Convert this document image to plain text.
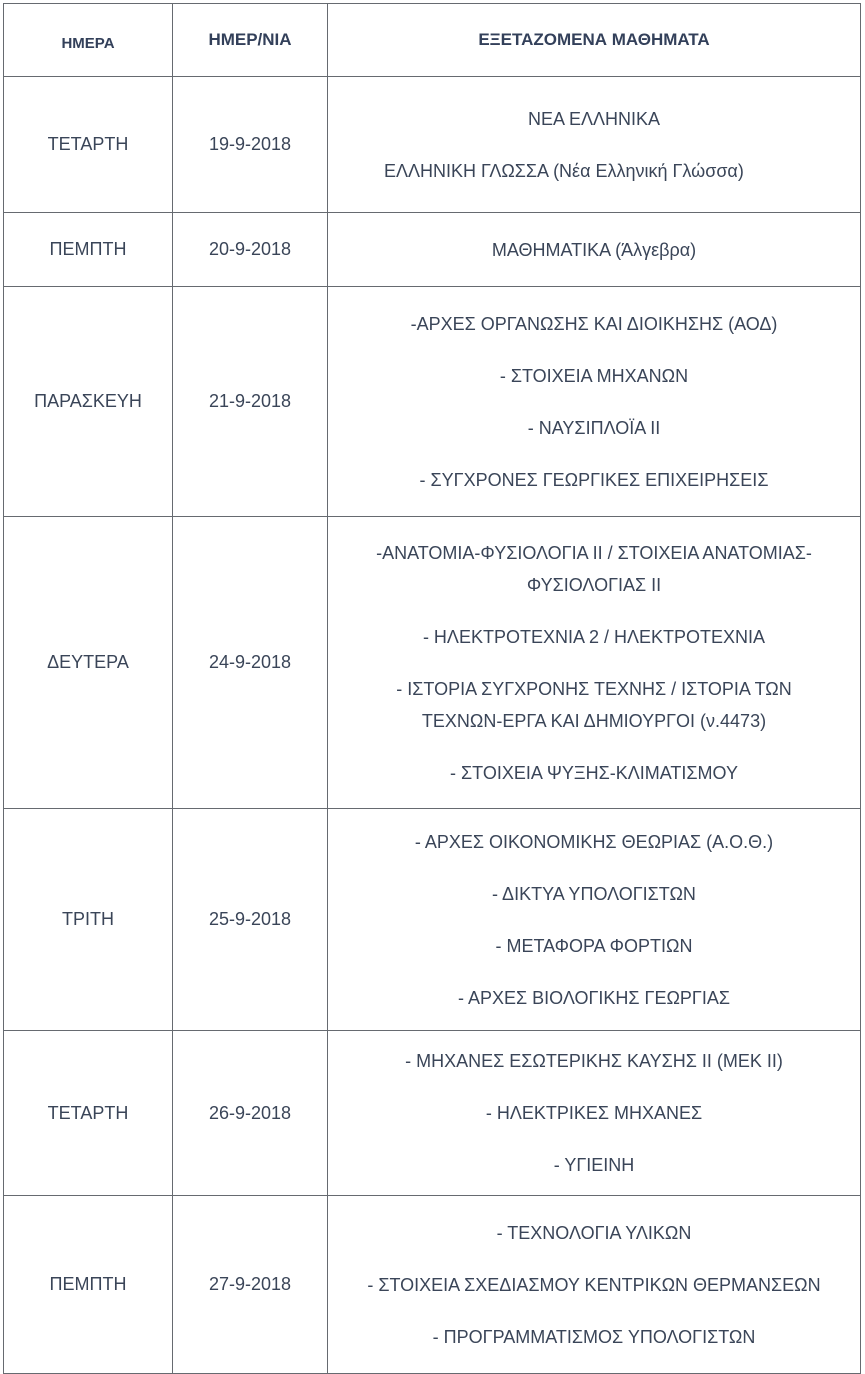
ΗΜΕΡΑ	ΗΜΕΡ/ΝΙΑ	ΕΞΕΤΑΖΟΜΕΝΑ ΜΑΘΗΜΑΤΑ
ΤΕΤΑΡΤΗ	19-9-2018	ΝΕΑ ΕΛΛΗΝΙΚΑ
ΕΛΛΗΝΙΚΗ ΓΛΩΣΣΑ (Νέα Ελληνική Γλώσσα)

ΠΕΜΠΤΗ	20-9-2018	ΜΑΘΗΜΑΤΙΚΑ (Άλγεβρα)

ΠΑΡΑΣΚΕΥΗ	21-9-2018	-ΑΡΧΕΣ ΟΡΓΑΝΩΣΗΣ ΚΑΙ ΔΙΟΙΚΗΣΗΣ (ΑΟΔ)
- ΣΤΟΙΧΕΙΑ ΜΗΧΑΝΩΝ
- ΝΑΥΣΙΠΛΟΪΑ ΙΙ
- ΣΥΓΧΡΟΝΕΣ ΓΕΩΡΓΙΚΕΣ ΕΠΙΧΕΙΡΗΣΕΙΣ

ΔΕΥΤΕΡΑ	24-9-2018	-ΑΝΑΤΟΜΙΑ-ΦΥΣΙΟΛΟΓΙΑ ΙΙ / ΣΤΟΙΧΕΙΑ ΑΝΑΤΟΜΙΑΣ-ΦΥΣΙΟΛΟΓΙΑΣ ΙΙ
- ΗΛΕΚΤΡΟΤΕΧΝΙΑ 2 / ΗΛΕΚΤΡΟΤΕΧΝΙΑ
- ΙΣΤΟΡΙΑ ΣΥΓΧΡΟΝΗΣ ΤΕΧΝΗΣ / ΙΣΤΟΡΙΑ ΤΩΝ ΤΕΧΝΩΝ-ΕΡΓΑ ΚΑΙ ΔΗΜΙΟΥΡΓΟΙ (ν.4473)
- ΣΤΟΙΧΕΙΑ ΨΥΞΗΣ-ΚΛΙΜΑΤΙΣΜΟΥ

ΤΡΙΤΗ	25-9-2018	- ΑΡΧΕΣ ΟΙΚΟΝΟΜΙΚΗΣ ΘΕΩΡΙΑΣ (Α.Ο.Θ.)
- ΔΙΚΤΥΑ ΥΠΟΛΟΓΙΣΤΩΝ
- ΜΕΤΑΦΟΡΑ ΦΟΡΤΙΩΝ
- ΑΡΧΕΣ ΒΙΟΛΟΓΙΚΗΣ ΓΕΩΡΓΙΑΣ

ΤΕΤΑΡΤΗ	26-9-2018	- ΜΗΧΑΝΕΣ ΕΣΩΤΕΡΙΚΗΣ ΚΑΥΣΗΣ ΙΙ (ΜΕΚ ΙΙ)
- ΗΛΕΚΤΡΙΚΕΣ ΜΗΧΑΝΕΣ
- ΥΓΙΕΙΝΗ

ΠΕΜΠΤΗ	27-9-2018	- ΤΕΧΝΟΛΟΓΙΑ ΥΛΙΚΩΝ
- ΣΤΟΙΧΕΙΑ ΣΧΕΔΙΑΣΜΟΥ ΚΕΝΤΡΙΚΩΝ ΘΕΡΜΑΝΣΕΩΝ
- ΠΡΟΓΡΑΜΜΑΤΙΣΜΟΣ ΥΠΟΛΟΓΙΣΤΩΝ
